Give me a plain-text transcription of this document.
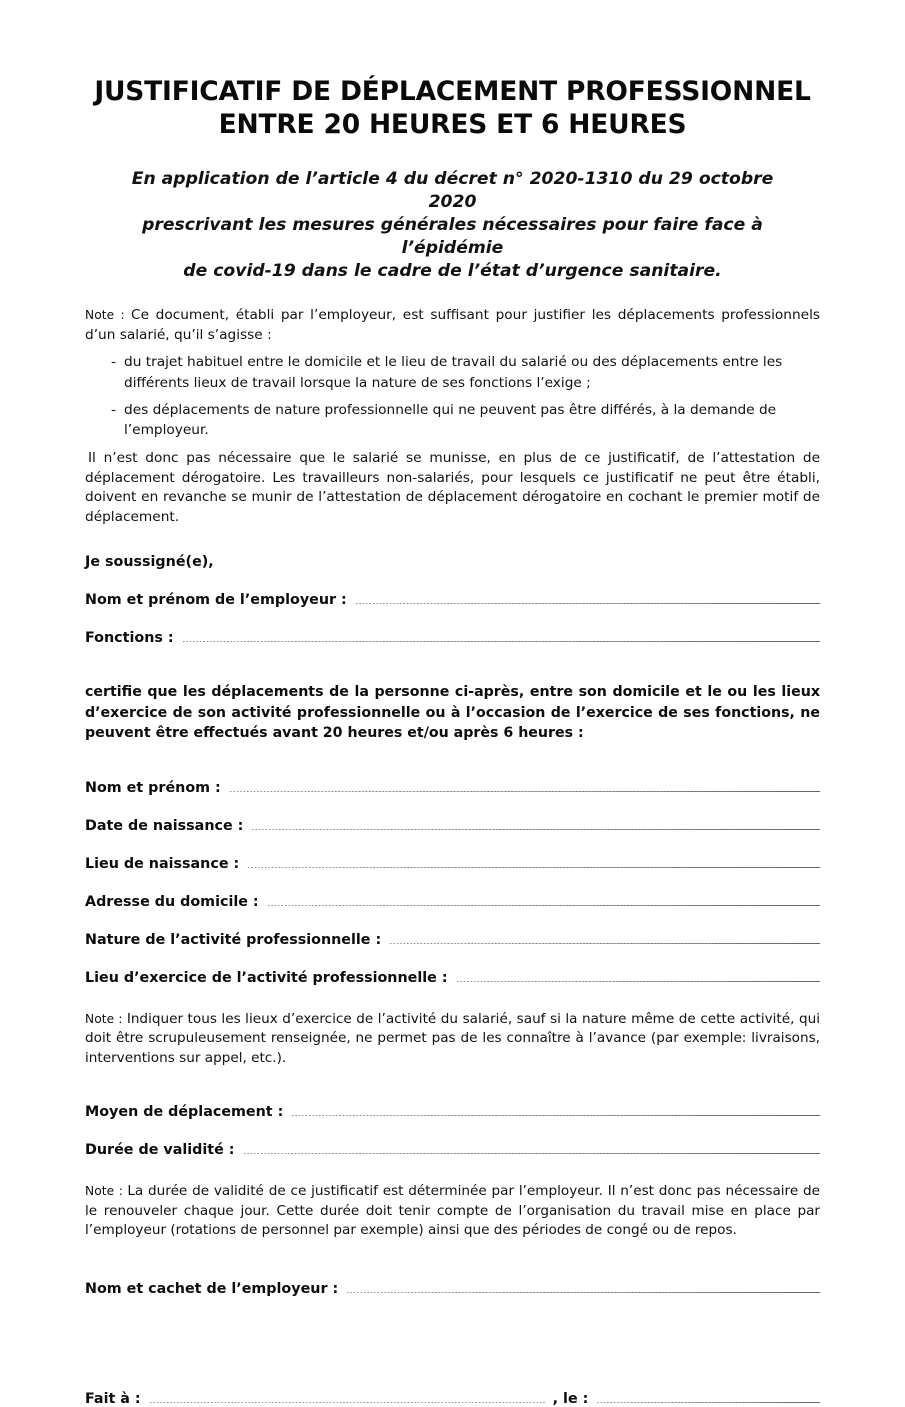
JUSTIFICATIF DE DÉPLACEMENT PROFESSIONNEL
ENTRE 20 HEURES ET 6 HEURES

En application de l’article 4 du décret n° 2020-1310 du 29 octobre 2020
prescrivant les mesures générales nécessaires pour faire face à l’épidémie
de covid-19 dans le cadre de l’état d’urgence sanitaire.

Note : Ce document, établi par l’employeur, est suffisant pour justifier les déplacements professionnels d’un salarié, qu’il s’agisse :

- du trajet habituel entre le domicile et le lieu de travail du salarié ou des déplacements entre les différents lieux de travail lorsque la nature de ses fonctions l’exige ;
- des déplacements de nature professionnelle qui ne peuvent pas être différés, à la demande de l’employeur.

Il n’est donc pas nécessaire que le salarié se munisse, en plus de ce justificatif, de l’attestation de déplacement dérogatoire. Les travailleurs non-salariés, pour lesquels ce justificatif ne peut être établi, doivent en revanche se munir de l’attestation de déplacement dérogatoire en cochant le premier motif de déplacement.

Je soussigné(e),
Nom et prénom de l’employeur :
Fonctions :

certifie que les déplacements de la personne ci-après, entre son domicile et le ou les lieux d’exercice de son activité professionnelle ou à l’occasion de l’exercice de ses fonctions, ne peuvent être effectués avant 20 heures et/ou après 6 heures :

Nom et prénom :
Date de naissance :
Lieu de naissance :
Adresse du domicile :
Nature de l’activité professionnelle :
Lieu d’exercice de l’activité professionnelle :

Note : Indiquer tous les lieux d’exercice de l’activité du salarié, sauf si la nature même de cette activité, qui doit être scrupuleusement renseignée, ne permet pas de les connaître à l’avance (par exemple: livraisons, interventions sur appel, etc.).

Moyen de déplacement :
Durée de validité :

Note : La durée de validité de ce justificatif est déterminée par l’employeur. Il n’est donc pas nécessaire de le renouveler chaque jour. Cette durée doit tenir compte de l’organisation du travail mise en place par l’employeur (rotations de personnel par exemple) ainsi que des périodes de congé ou de repos.

Nom et cachet de l’employeur :
Fait à :	, le :
